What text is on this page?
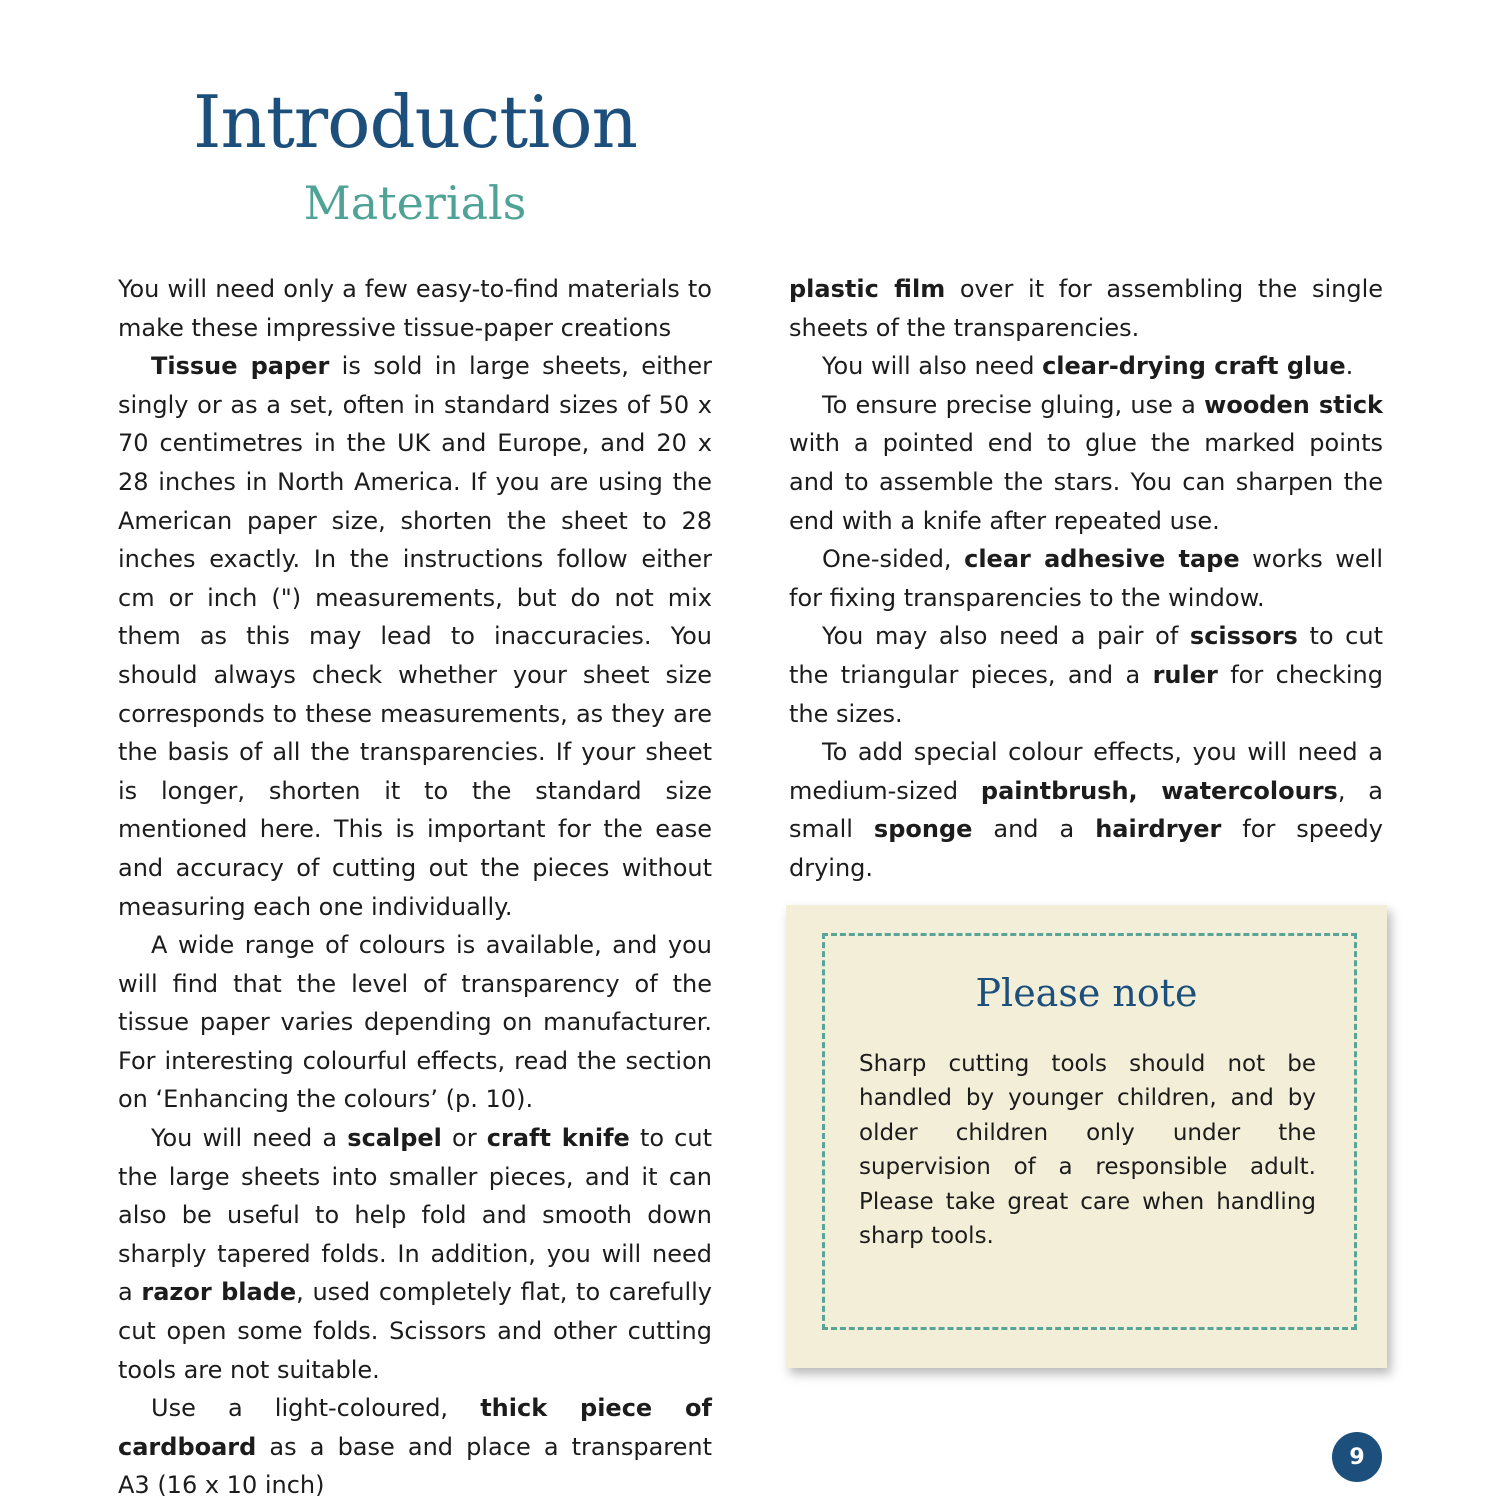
Introduction
Materials

You will need only a few easy-to-find materials to make these impressive tissue-paper creations

Tissue paper is sold in large sheets, either singly or as a set, often in standard sizes of 50 x 70 centimetres in the UK and Europe, and 20 x 28 inches in North America. If you are using the American paper size, shorten the sheet to 28 inches exactly. In the instructions follow either cm or inch (") measurements, but do not mix them as this may lead to inaccuracies. You should always check whether your sheet size corresponds to these measurements, as they are the basis of all the transparencies. If your sheet is longer, shorten it to the standard size mentioned here. This is important for the ease and accuracy of cutting out the pieces without measuring each one individually.

A wide range of colours is available, and you will find that the level of transparency of the tissue paper varies depending on manufacturer. For interesting colourful effects, read the section on ‘Enhancing the colours’ (p. 10).

You will need a scalpel or craft knife to cut the large sheets into smaller pieces, and it can also be useful to help fold and smooth down sharply tapered folds. In addition, you will need a razor blade, used completely flat, to carefully cut open some folds. Scissors and other cutting tools are not suitable.

Use a light-coloured, thick piece of cardboard as a base and place a transparent A3 (16 x 10 inch)

plastic film over it for assembling the single sheets of the transparencies.

You will also need clear-drying craft glue.

To ensure precise gluing, use a wooden stick with a pointed end to glue the marked points and to assemble the stars. You can sharpen the end with a knife after repeated use.

One-sided, clear adhesive tape works well for fixing transparencies to the window.

You may also need a pair of scissors to cut the triangular pieces, and a ruler for checking the sizes.

To add special colour effects, you will need a medium-sized paintbrush, watercolours, a small sponge and a hairdryer for speedy drying.

Please note

Sharp cutting tools should not be handled by younger children, and by older children only under the supervision of a responsible adult. Please take great care when handling sharp tools.

9
